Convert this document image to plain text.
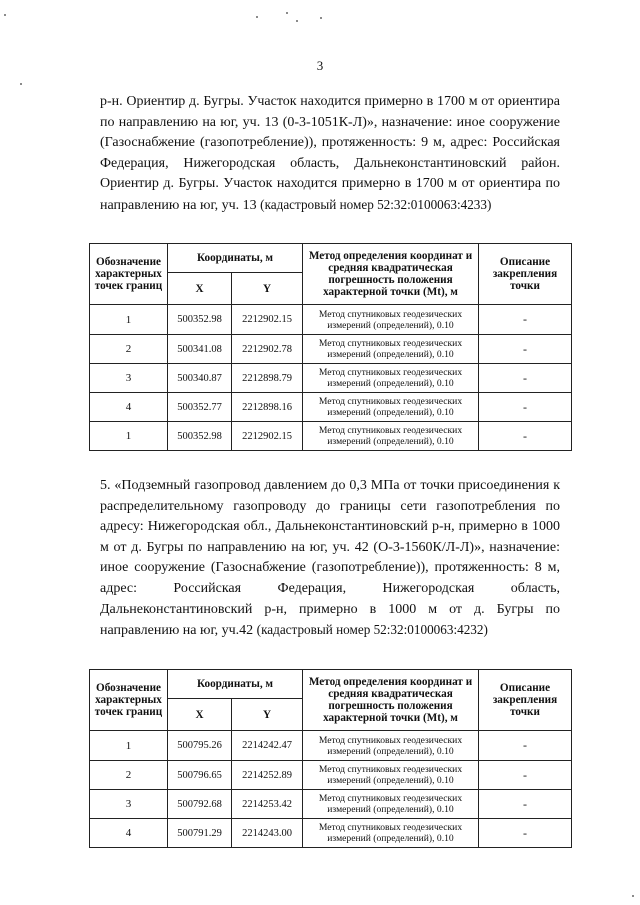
3

р-н. Ориентир д. Бугры. Участок находится примерно в 1700 м от ориентира по направлению на юг, уч. 13 (0-3-1051К-Л)», назначение: иное сооружение (Газоснабжение (газопотребление)), протяженность: 9 м, адрес: Российская Федерация, Нижегородская область, Дальнеконстантиновский район. Ориентир д. Бугры. Участок находится примерно в 1700 м от ориентира по направлению на юг, уч. 13 (кадастровый номер 52:32:0100063:4233)

Обозначение характерных точек границ	Координаты, м		Метод определения координат и средняя квадратическая погрешность положения характерной точки (Mt), м	Описание закрепления точки
	X	Y		
1	500352.98	2212902.15	Метод спутниковых геодезических измерений (определений), 0.10	-
2	500341.08	2212902.78	Метод спутниковых геодезических измерений (определений), 0.10	-
3	500340.87	2212898.79	Метод спутниковых геодезических измерений (определений), 0.10	-
4	500352.77	2212898.16	Метод спутниковых геодезических измерений (определений), 0.10	-
1	500352.98	2212902.15	Метод спутниковых геодезических измерений (определений), 0.10	-

5. «Подземный газопровод давлением до 0,3 МПа от точки присоединения к распределительному газопроводу до границы сети газопотребления по адресу: Нижегородская обл., Дальнеконстантиновский р-н, примерно в 1000 м от д. Бугры по направлению на юг, уч. 42 (О-3-1560К/Л-Л)», назначение: иное сооружение (Газоснабжение (газопотребление)), протяженность: 8 м, адрес: Российская Федерация, Нижегородская область, Дальнеконстантиновский р-н, примерно в 1000 м от д. Бугры по направлению на юг, уч.42 (кадастровый номер 52:32:0100063:4232)

Обозначение характерных точек границ	Координаты, м		Метод определения координат и средняя квадратическая погрешность положения характерной точки (Mt), м	Описание закрепления точки
	X	Y		
1	500795.26	2214242.47	Метод спутниковых геодезических измерений (определений), 0.10	-
2	500796.65	2214252.89	Метод спутниковых геодезических измерений (определений), 0.10	-
3	500792.68	2214253.42	Метод спутниковых геодезических измерений (определений), 0.10	-
4	500791.29	2214243.00	Метод спутниковых геодезических измерений (определений), 0.10	-
